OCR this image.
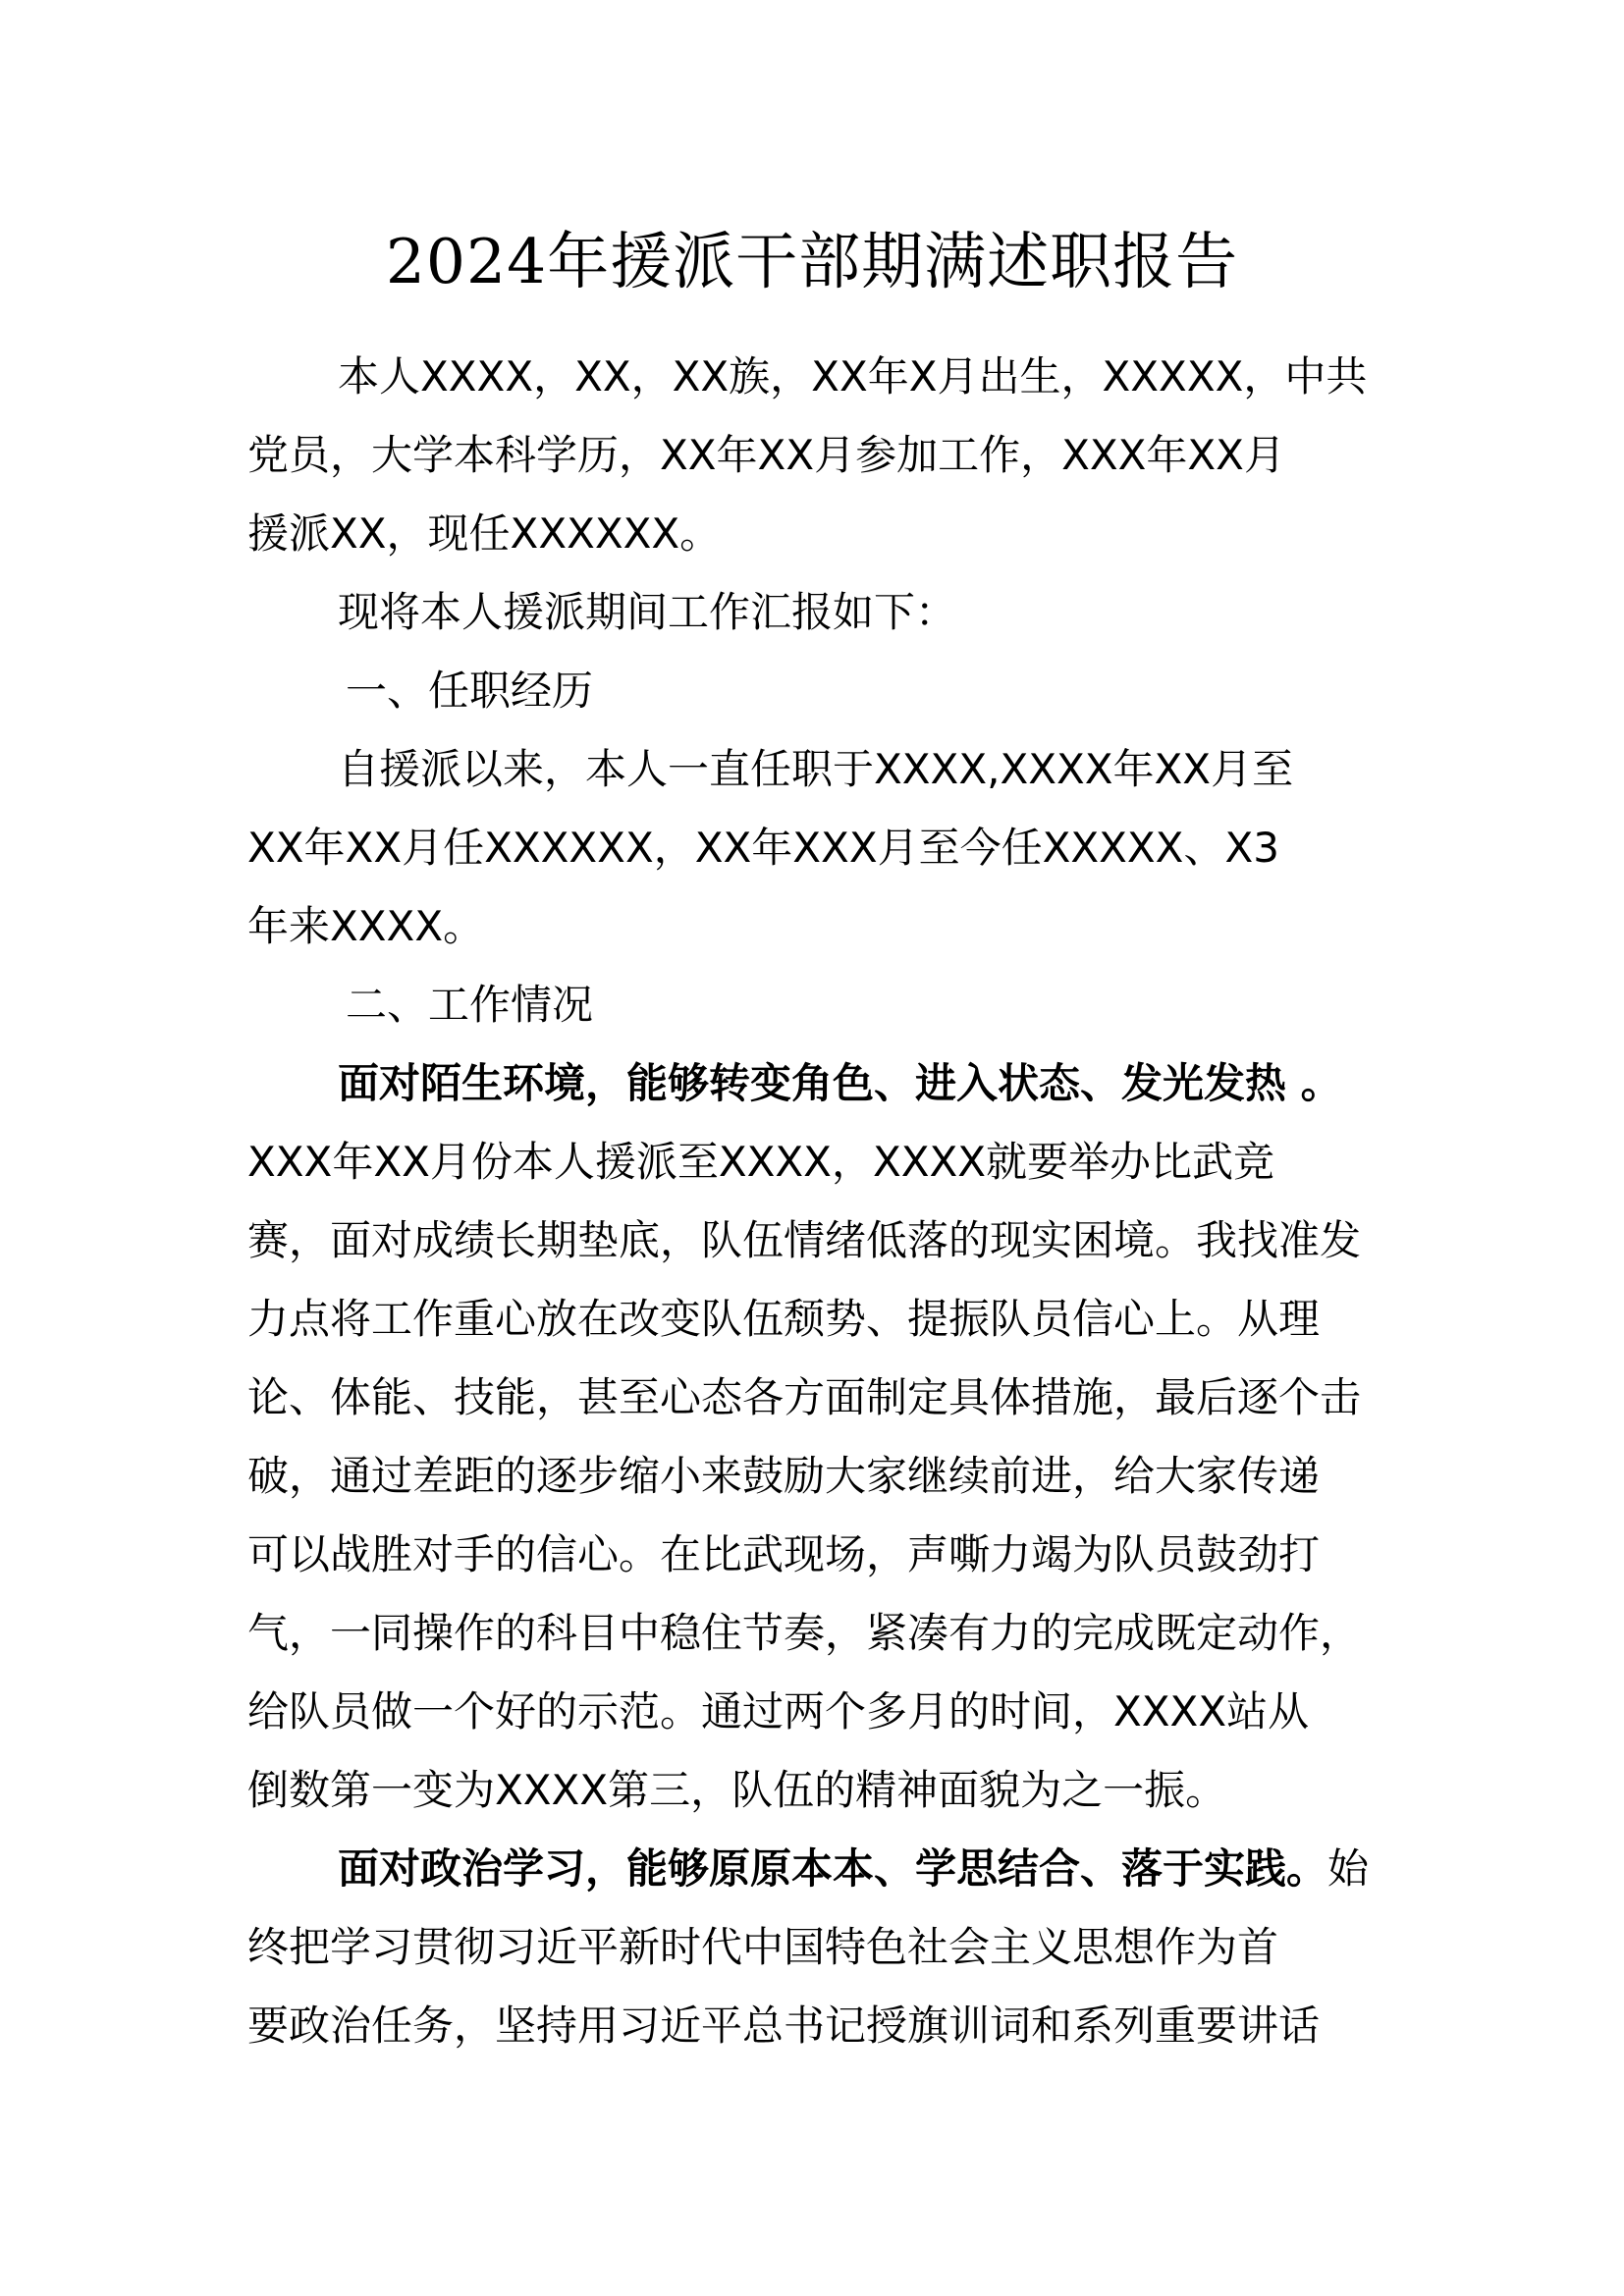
2024年援派干部期满述职报告
本人XXXX，XX，XX族，XX年X月出生，XXXXX，中共
党员，大学本科学历，XX年XX月参加工作，XXX年XX月
援派XX，现任XXXXXX。
现将本人援派期间工作汇报如下：
一、任职经历
自援派以来，本人一直任职于XXXX,XXXX年XX月至
XX年XX月任XXXXXX，XX年XXX月至今任XXXXX、X3
年来XXXX。
二、工作情况
面对陌生环境，能够转变角色、进入状态、发光发热 。
XXX年XX月份本人援派至XXXX，XXXX就要举办比武竞
赛，面对成绩长期垫底，队伍情绪低落的现实困境。我找准发
力点将工作重心放在改变队伍颓势、提振队员信心上。从理
论、体能、技能，甚至心态各方面制定具体措施，最后逐个击
破，通过差距的逐步缩小来鼓励大家继续前进，给大家传递
可以战胜对手的信心。在比武现场，声嘶力竭为队员鼓劲打
气，一同操作的科目中稳住节奏，紧凑有力的完成既定动作，
给队员做一个好的示范。通过两个多月的时间，XXXX站从
倒数第一变为XXXX第三，队伍的精神面貌为之一振。
面对政治学习，能够原原本本、学思结合、落于实践。始
终把学习贯彻习近平新时代中国特色社会主义思想作为首
要政治任务，坚持用习近平总书记授旗训词和系列重要讲话
